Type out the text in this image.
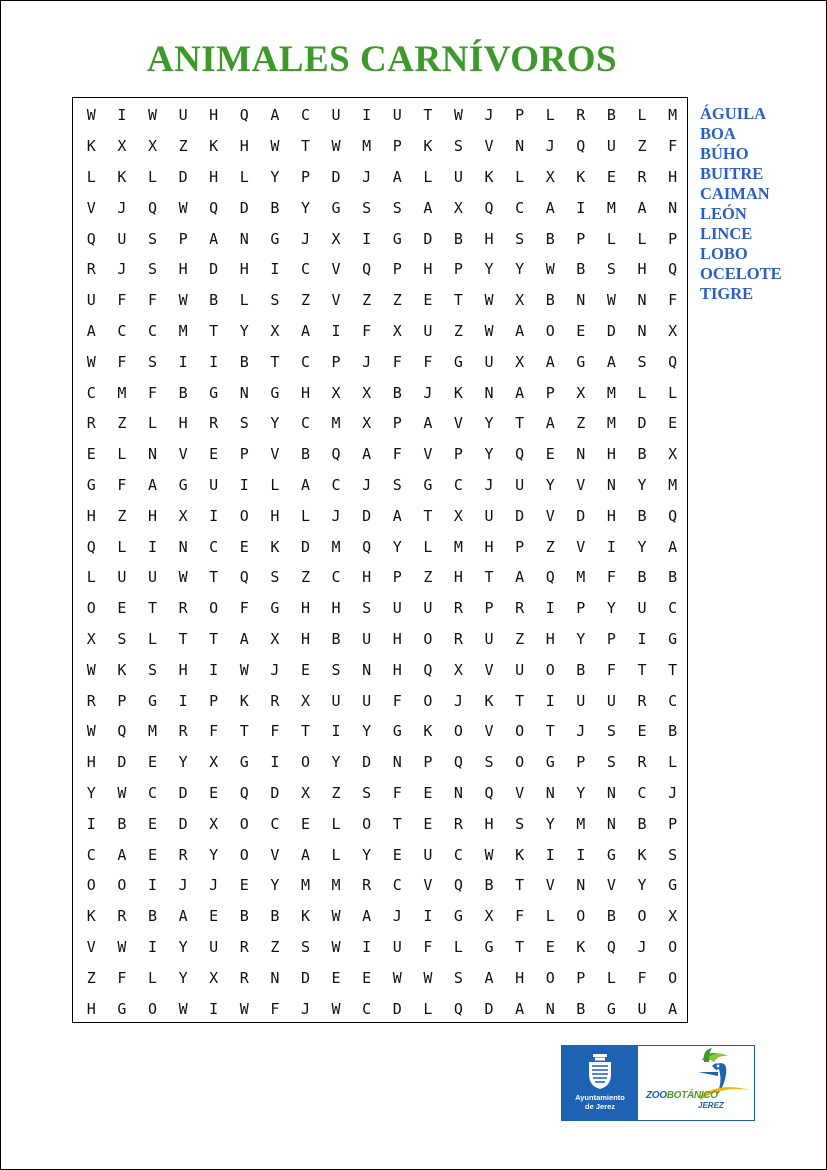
ANIMALES CARNÍVOROS
W	I	W	U	H	Q	A	C	U	I	U	T	W	J	P	L	R	B	L	M
K	X	X	Z	K	H	W	T	W	M	P	K	S	V	N	J	Q	U	Z	F
L	K	L	D	H	L	Y	P	D	J	A	L	U	K	L	X	K	E	R	H
V	J	Q	W	Q	D	B	Y	G	S	S	A	X	Q	C	A	I	M	A	N
Q	U	S	P	A	N	G	J	X	I	G	D	B	H	S	B	P	L	L	P
R	J	S	H	D	H	I	C	V	Q	P	H	P	Y	Y	W	B	S	H	Q
U	F	F	W	B	L	S	Z	V	Z	Z	E	T	W	X	B	N	W	N	F
A	C	C	M	T	Y	X	A	I	F	X	U	Z	W	A	O	E	D	N	X
W	F	S	I	I	B	T	C	P	J	F	F	G	U	X	A	G	A	S	Q
C	M	F	B	G	N	G	H	X	X	B	J	K	N	A	P	X	M	L	L
R	Z	L	H	R	S	Y	C	M	X	P	A	V	Y	T	A	Z	M	D	E
E	L	N	V	E	P	V	B	Q	A	F	V	P	Y	Q	E	N	H	B	X
G	F	A	G	U	I	L	A	C	J	S	G	C	J	U	Y	V	N	Y	M
H	Z	H	X	I	O	H	L	J	D	A	T	X	U	D	V	D	H	B	Q
Q	L	I	N	C	E	K	D	M	Q	Y	L	M	H	P	Z	V	I	Y	A
L	U	U	W	T	Q	S	Z	C	H	P	Z	H	T	A	Q	M	F	B	B
O	E	T	R	O	F	G	H	H	S	U	U	R	P	R	I	P	Y	U	C
X	S	L	T	T	A	X	H	B	U	H	O	R	U	Z	H	Y	P	I	G
W	K	S	H	I	W	J	E	S	N	H	Q	X	V	U	O	B	F	T	T
R	P	G	I	P	K	R	X	U	U	F	O	J	K	T	I	U	U	R	C
W	Q	M	R	F	T	F	T	I	Y	G	K	O	V	O	T	J	S	E	B
H	D	E	Y	X	G	I	O	Y	D	N	P	Q	S	O	G	P	S	R	L
Y	W	C	D	E	Q	D	X	Z	S	F	E	N	Q	V	N	Y	N	C	J
I	B	E	D	X	O	C	E	L	O	T	E	R	H	S	Y	M	N	B	P
C	A	E	R	Y	O	V	A	L	Y	E	U	C	W	K	I	I	G	K	S
O	O	I	J	J	E	Y	M	M	R	C	V	Q	B	T	V	N	V	Y	G
K	R	B	A	E	B	B	K	W	A	J	I	G	X	F	L	O	B	O	X
V	W	I	Y	U	R	Z	S	W	I	U	F	L	G	T	E	K	Q	J	O
Z	F	L	Y	X	R	N	D	E	E	W	W	S	A	H	O	P	L	F	O
H	G	O	W	I	W	F	J	W	C	D	L	Q	D	A	N	B	G	U	A
ÁGUILA
BOA
BÚHO
BUITRE
CAIMAN
LEÓN
LINCE
LOBO
OCELOTE
TIGRE
Ayuntamiento
de Jerez
ZOOBOTÁNICO
JEREZ
